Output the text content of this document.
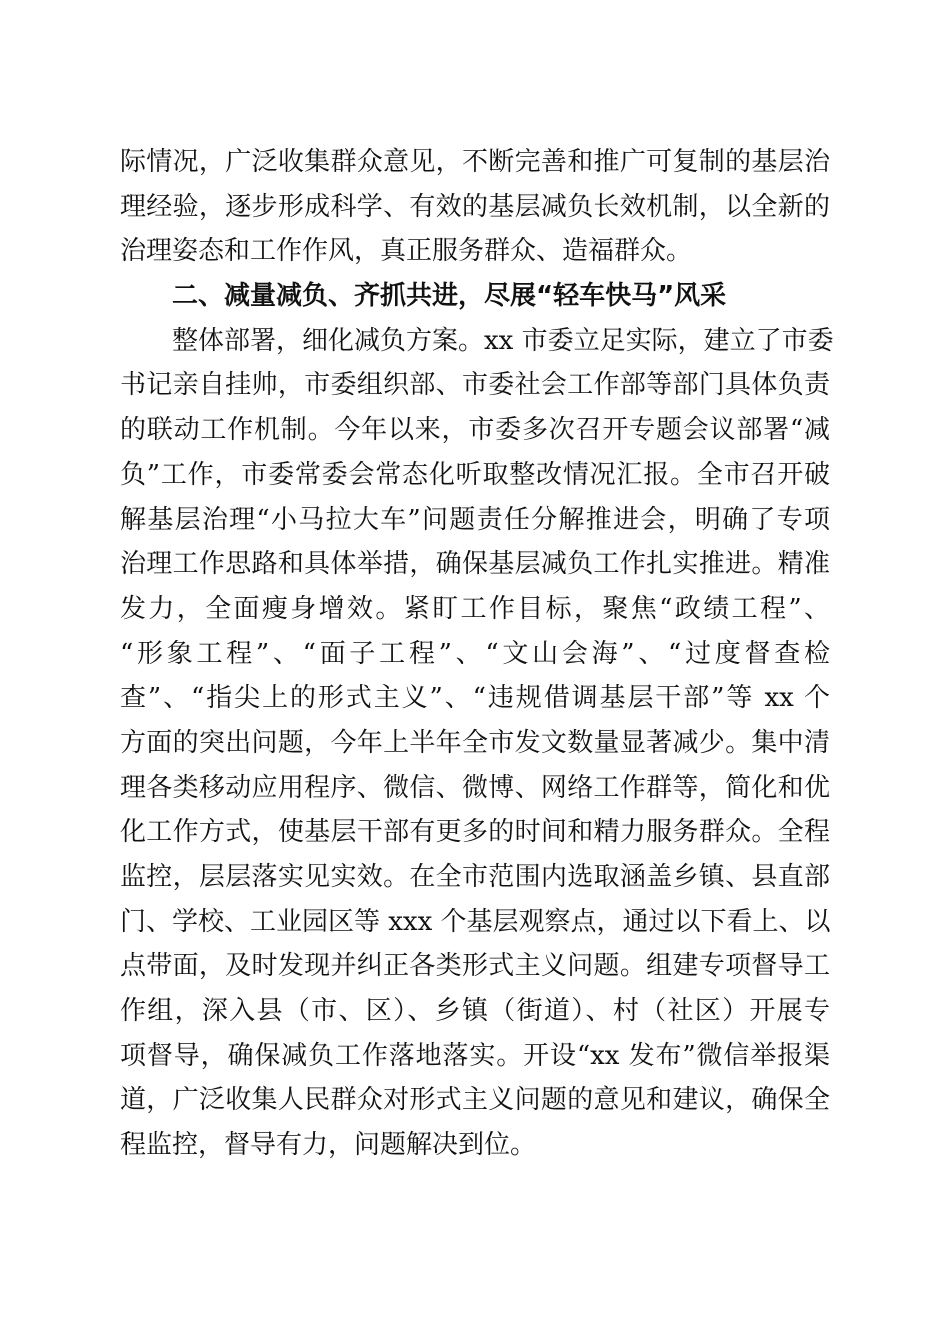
际情况，广泛收集群众意见，不断完善和推广可复制的基层治
理经验，逐步形成科学、有效的基层减负长效机制，以全新的
治理姿态和工作作风，真正服务群众、造福群众。
二、减量减负、齐抓共进，尽展“轻车快马”风采
整体部署，细化减负方案。xx 市委立足实际，建立了市委
书记亲自挂帅，市委组织部、市委社会工作部等部门具体负责
的联动工作机制。今年以来，市委多次召开专题会议部署“减
负”工作，市委常委会常态化听取整改情况汇报。全市召开破
解基层治理“小马拉大车”问题责任分解推进会，明确了专项
治理工作思路和具体举措，确保基层减负工作扎实推进。精准
发力，全面瘦身增效。紧盯工作目标，聚焦“政绩工程”、
“形象工程”、“面子工程”、“文山会海”、“过度督查检
查”、“指尖上的形式主义”、“违规借调基层干部”等 xx 个
方面的突出问题，今年上半年全市发文数量显著减少。集中清
理各类移动应用程序、微信、微博、网络工作群等，简化和优
化工作方式，使基层干部有更多的时间和精力服务群众。全程
监控，层层落实见实效。在全市范围内选取涵盖乡镇、县直部
门、学校、工业园区等 xxx 个基层观察点，通过以下看上、以
点带面，及时发现并纠正各类形式主义问题。组建专项督导工
作组，深入县（市、区）、乡镇（街道）、村（社区）开展专
项督导，确保减负工作落地落实。开设“xx 发布”微信举报渠
道，广泛收集人民群众对形式主义问题的意见和建议，确保全
程监控，督导有力，问题解决到位。
